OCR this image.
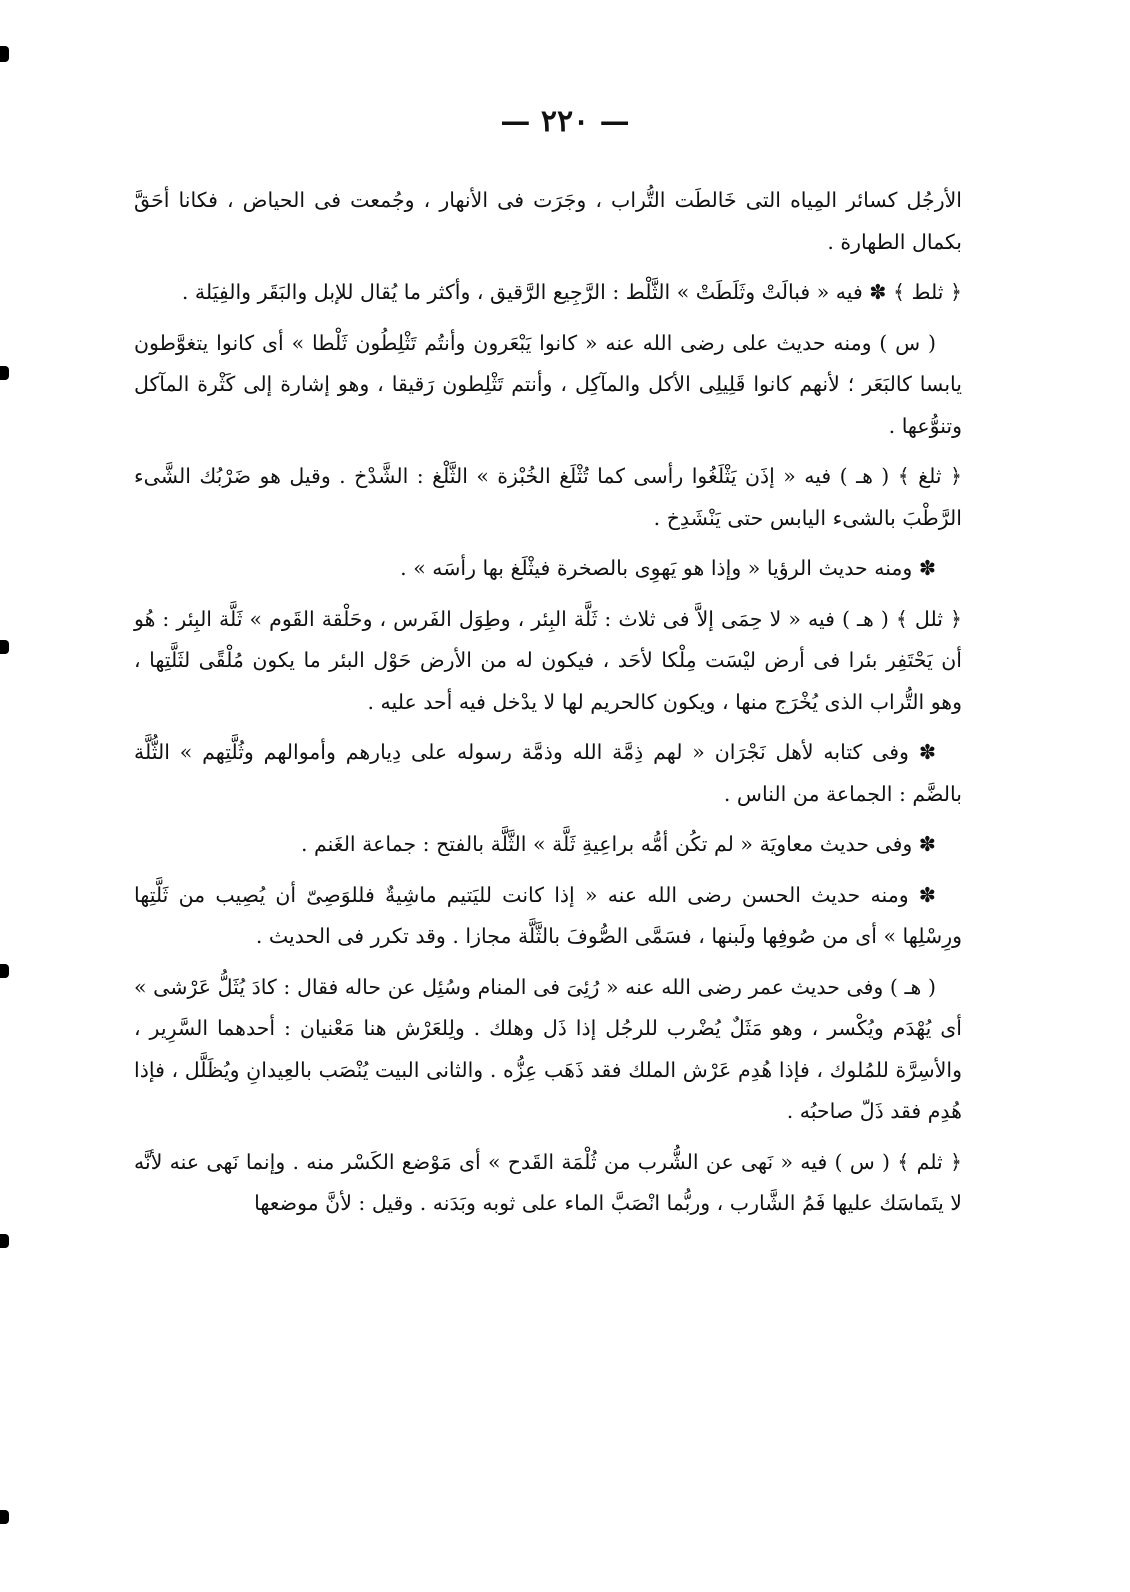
— ٢٢٠ —

الأرجُل كسائر المِياه التى خَالطَت التُّراب ، وجَرَت فى الأنهار ، وجُمعت فى الحياض ، فكانا أحَقَّ بكمال الطهارة .

﴿ ثلط ﴾ ✽ فيه « فبالَتْ وثَلَطَتْ » الثَّلْط : الرَّجِيع الرَّقيق ، وأكثر ما يُقال للإبل والبَقَر والفِيَلة .

( س ) ومنه حديث على رضى الله عنه « كانوا يَبْعَرون وأنتُم تَثْلِطُون ثَلْطا » أى كانوا يتغوَّطون يابسا كالبَعَر ؛ لأنهم كانوا قَلِيلِى الأكل والمآكِل ، وأنتم تَثْلِطون رَقيقا ، وهو إشارة إلى كَثْرة المآكل وتنوُّعها .

﴿ ثلغ ﴾ ( هـ ) فيه « إذَن يَثْلَغُوا رأسى كما تُثْلَغ الخُبْزة » الثَّلْغ : الشَّدْخ . وقيل هو ضَرْبُك الشَّىء الرَّطْبَ بالشىء اليابس حتى يَنْشَدِخ .

✽ ومنه حديث الرؤيا « وإذا هو يَهوِى بالصخرة فيثْلَغ بها رأسَه » .

﴿ ثلل ﴾ ( هـ ) فيه « لا حِمَى إلاَّ فى ثلاث : ثَلَّة البِئر ، وطِوَل الفَرس ، وحَلْقة القَوم » ثَلَّة البِئر : هُو أن يَحْتَفِر بئرا فى أرض ليْسَت مِلْكا لأحَد ، فيكون له من الأرض حَوْل البئر ما يكون مُلْقًى لثَلَّتِها ، وهو التُّراب الذى يُخْرَج منها ، ويكون كالحريم لها لا يدْخل فيه أحد عليه .

✽ وفى كتابه لأهل نَجْرَان « لهم ذِمَّة الله وذمَّة رسوله على دِيارهم وأموالهم وثُلَّتِهم » الثُّلَّة بالضَّم : الجماعة من الناس .

✽ وفى حديث معاويَة « لم تكُن أمُّه براعِيةِ ثَلَّة » الثَّلَّة بالفتح : جماعة الغَنم .

✽ ومنه حديث الحسن رضى الله عنه « إذا كانت لليَتيم ماشِيةٌ فللوَصِىّ أن يُصِيب من ثَلَّتِها ورِسْلِها » أى من صُوفِها ولَبنها ، فسَمَّى الصُّوفَ بالثَّلَّة مجازا . وقد تكرر فى الحديث .

( هـ ) وفى حديث عمر رضى الله عنه « رُئِىَ فى المنام وسُئِل عن حاله فقال : كادَ يُثَلُّ عَرْشى » أى يُهْدَم ويُكْسر ، وهو مَثَلٌ يُضْرب للرجُل إذا ذَل وهلك . ولِلعَرْش هنا مَعْنيان : أحدهما السَّرِير ، والأسِرَّة للمُلوك ، فإذا هُدِم عَرْش الملك فقد ذَهَب عِزُّه . والثانى البيت يُنْصَب بالعِيدانِ ويُظَلَّل ، فإذا هُدِم فقد ذَلّ صاحبُه .

﴿ ثلم ﴾ ( س ) فيه « نَهى عن الشُّرب من ثُلْمَة القَدح » أى مَوْضع الكَسْر منه . وإنما نَهى عنه لأنَّه لا يتَماسَك عليها فَمُ الشَّارب ، وربُّما انْصَبَّ الماء على ثوبه وبَدَنه . وقيل : لأنَّ موضعها
